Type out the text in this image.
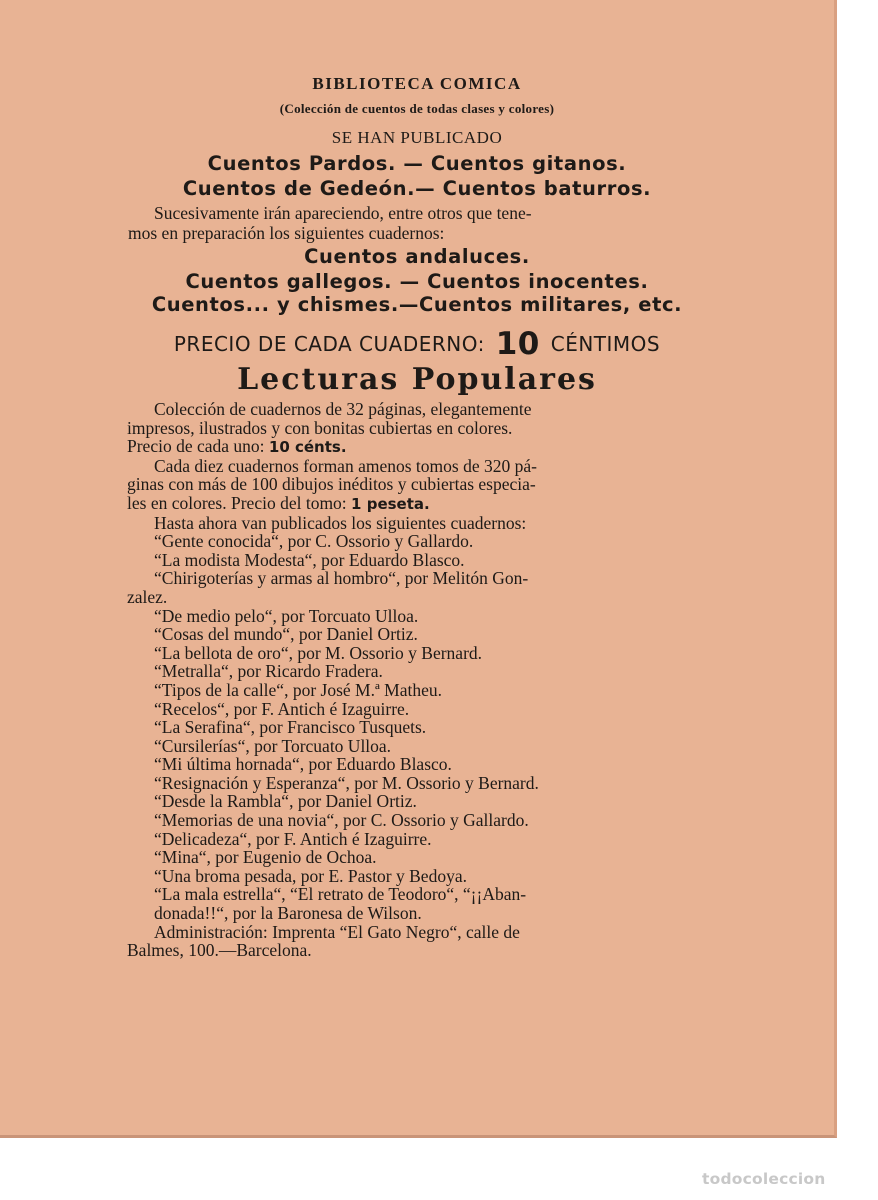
BIBLIOTECA COMICA
(Colección de cuentos de todas clases y colores)
SE HAN PUBLICADO
Cuentos Pardos. — Cuentos gitanos.
Cuentos de Gedeón.— Cuentos baturros.
Sucesivamente irán apareciendo, entre otros que tene-
mos en preparación los siguientes cuadernos:
Cuentos andaluces.
Cuentos gallegos. — Cuentos inocentes.
Cuentos... y chismes.—Cuentos militares, etc.
PRECIO DE CADA CUADERNO: 10 CÉNTIMOS
Lecturas Populares
Colección de cuadernos de 32 páginas, elegantemente
impresos, ilustrados y con bonitas cubiertas en colores.
Precio de cada uno: 10 cénts.
Cada diez cuadernos forman amenos tomos de 320 pá-
ginas con más de 100 dibujos inéditos y cubiertas especia-
les en colores. Precio del tomo: 1 peseta.
Hasta ahora van publicados los siguientes cuadernos:
“Gente conocida“, por C. Ossorio y Gallardo.
“La modista Modesta“, por Eduardo Blasco.
“Chirigoterías y armas al hombro“, por Melitón Gon-
zalez.
“De medio pelo“, por Torcuato Ulloa.
“Cosas del mundo“, por Daniel Ortiz.
“La bellota de oro“, por M. Ossorio y Bernard.
“Metralla“, por Ricardo Fradera.
“Tipos de la calle“, por José M.ª Matheu.
“Recelos“, por F. Antich é Izaguirre.
“La Serafina“, por Francisco Tusquets.
“Cursilerías“, por Torcuato Ulloa.
“Mi última hornada“, por Eduardo Blasco.
“Resignación y Esperanza“, por M. Ossorio y Bernard.
“Desde la Rambla“, por Daniel Ortiz.
“Memorias de una novia“, por C. Ossorio y Gallardo.
“Delicadeza“, por F. Antich é Izaguirre.
“Mina“, por Eugenio de Ochoa.
“Una broma pesada, por E. Pastor y Bedoya.
“La mala estrella“, “El retrato de Teodoro“, “¡¡Aban-
donada!!“, por la Baronesa de Wilson.
Administración: Imprenta “El Gato Negro“, calle de
Balmes, 100.—Barcelona.
todocoleccion
